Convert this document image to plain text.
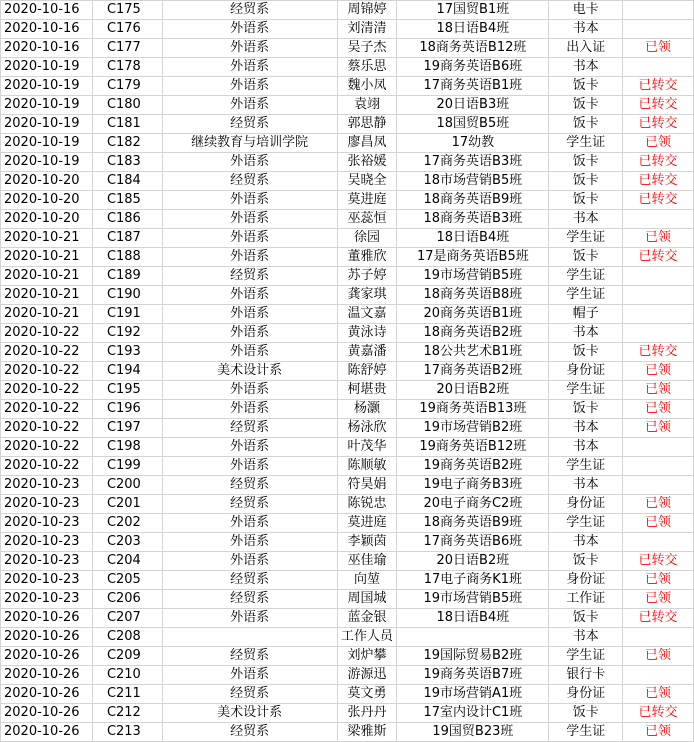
2020-10-16	C175	经贸系	周锦婷	17国贸B1班	电卡	
2020-10-16	C176	外语系	刘清清	18日语B4班	书本	
2020-10-16	C177	外语系	吴子杰	18商务英语B12班	出入证	已领
2020-10-19	C178	外语系	蔡乐思	19商务英语B6班	书本	
2020-10-19	C179	外语系	魏小凤	17商务英语B1班	饭卡	已转交
2020-10-19	C180	外语系	袁翊	20日语B3班	饭卡	已转交
2020-10-19	C181	经贸系	郭思静	18国贸B5班	饭卡	已转交
2020-10-19	C182	继续教育与培训学院	廖昌凤	17幼教	学生证	已领
2020-10-19	C183	外语系	张裕媛	17商务英语B3班	饭卡	已转交
2020-10-20	C184	经贸系	吴晓全	18市场营销B5班	饭卡	已转交
2020-10-20	C185	外语系	莫进庭	18商务英语B9班	饭卡	已转交
2020-10-20	C186	外语系	巫蕊恒	18商务英语B3班	书本	
2020-10-21	C187	外语系	徐园	18日语B4班	学生证	已领
2020-10-21	C188	外语系	董雅欣	17是商务英语B5班	饭卡	已转交
2020-10-21	C189	经贸系	苏子婷	19市场营销B5班	学生证	
2020-10-21	C190	外语系	龚家琪	18商务英语B8班	学生证	
2020-10-21	C191	外语系	温文嘉	20商务英语B1班	帽子	
2020-10-22	C192	外语系	黄泳诗	18商务英语B2班	书本	
2020-10-22	C193	外语系	黄嘉潘	18公共艺术B1班	饭卡	已转交
2020-10-22	C194	美术设计系	陈舒婷	17商务英语B2班	身份证	已领
2020-10-22	C195	外语系	柯堪贵	20日语B2班	学生证	已领
2020-10-22	C196	外语系	杨灏	19商务英语B13班	饭卡	已领
2020-10-22	C197	经贸系	杨泳欣	19市场营销B2班	书本	已领
2020-10-22	C198	外语系	叶茂华	19商务英语B12班	书本	
2020-10-22	C199	外语系	陈顺敏	19商务英语B2班	学生证	
2020-10-23	C200	经贸系	符昊娟	19电子商务B3班	书本	
2020-10-23	C201	经贸系	陈锐忠	20电子商务C2班	身份证	已领
2020-10-23	C202	外语系	莫进庭	18商务英语B9班	学生证	已领
2020-10-23	C203	外语系	李颖茵	17商务英语B6班	书本	
2020-10-23	C204	外语系	巫佳瑜	20日语B2班	饭卡	已转交
2020-10-23	C205	经贸系	向堃	17电子商务K1班	身份证	已领
2020-10-23	C206	经贸系	周国城	19市场营销B5班	工作证	已领
2020-10-26	C207	外语系	蓝金银	18日语B4班	饭卡	已转交
2020-10-26	C208		工作人员		书本	
2020-10-26	C209	经贸系	刘炉攀	19国际贸易B2班	学生证	已领
2020-10-26	C210	外语系	游源迅	19商务英语B7班	银行卡	
2020-10-26	C211	经贸系	莫文勇	19市场营销A1班	身份证	已领
2020-10-26	C212	美术设计系	张丹丹	17室内设计C1班	饭卡	已转交
2020-10-26	C213	经贸系	梁雅斯	19国贸B23班	学生证	已领
